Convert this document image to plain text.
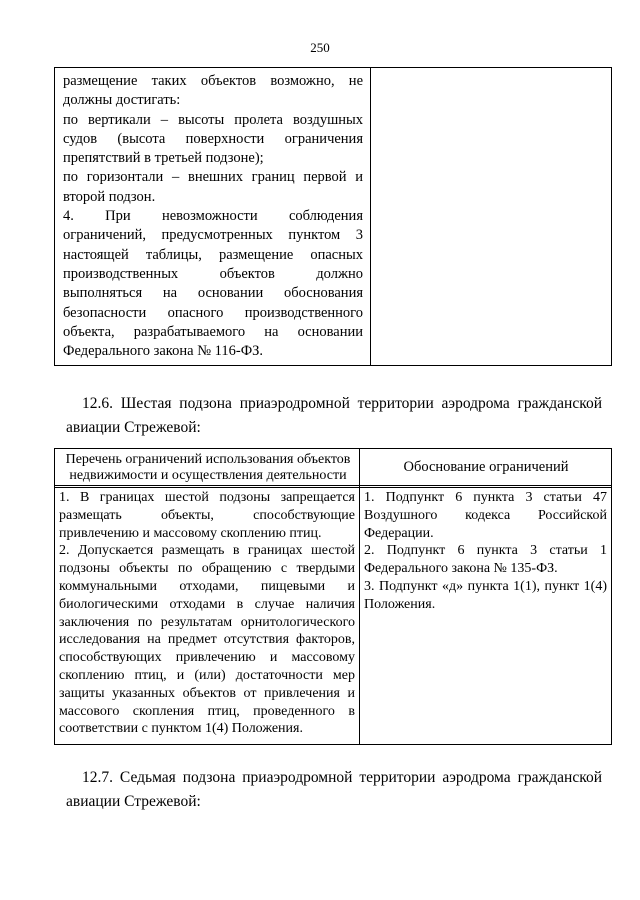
250

размещение таких объектов возможно, не должны достигать:

по вертикали – высоты пролета воздушных судов (высота поверхности ограничения препятствий в третьей подзоне);

по горизонтали – внешних границ первой и второй подзон.

4. При невозможности соблюдения ограничений, предусмотренных пунктом 3 настоящей таблицы, размещение опасных производственных объектов должно выполняться на основании обоснования безопасности опасного производственного объекта, разрабатываемого на основании Федерального закона № 116-ФЗ.

12.6. Шестая подзона приаэродромной территории аэродрома гражданской
авиации Стрежевой:
Перечень ограничений использования объектов недвижимости и осуществления деятельности
Обоснование ограничений

1. В границах шестой подзоны запрещается размещать объекты, способствующие привлечению и массовому скоплению птиц.

2. Допускается размещать в границах шестой подзоны объекты по обращению с твердыми коммунальными отходами, пищевыми и биологическими отходами в случае наличия заключения по результатам орнитологического исследования на предмет отсутствия факторов, способствующих привлечению и массовому скоплению птиц, и (или) достаточности мер защиты указанных объектов от привлечения и массового скопления птиц, проведенного в соответствии с пунктом 1(4) Положения.

1. Подпункт 6 пункта 3 статьи 47 Воздушного кодекса Российской Федерации.

2. Подпункт 6 пункта 3 статьи 1 Федерального закона № 135-ФЗ.

3. Подпункт «д» пункта 1(1), пункт 1(4) Положения.

12.7. Седьмая подзона приаэродромной территории аэродрома гражданской
авиации Стрежевой:
